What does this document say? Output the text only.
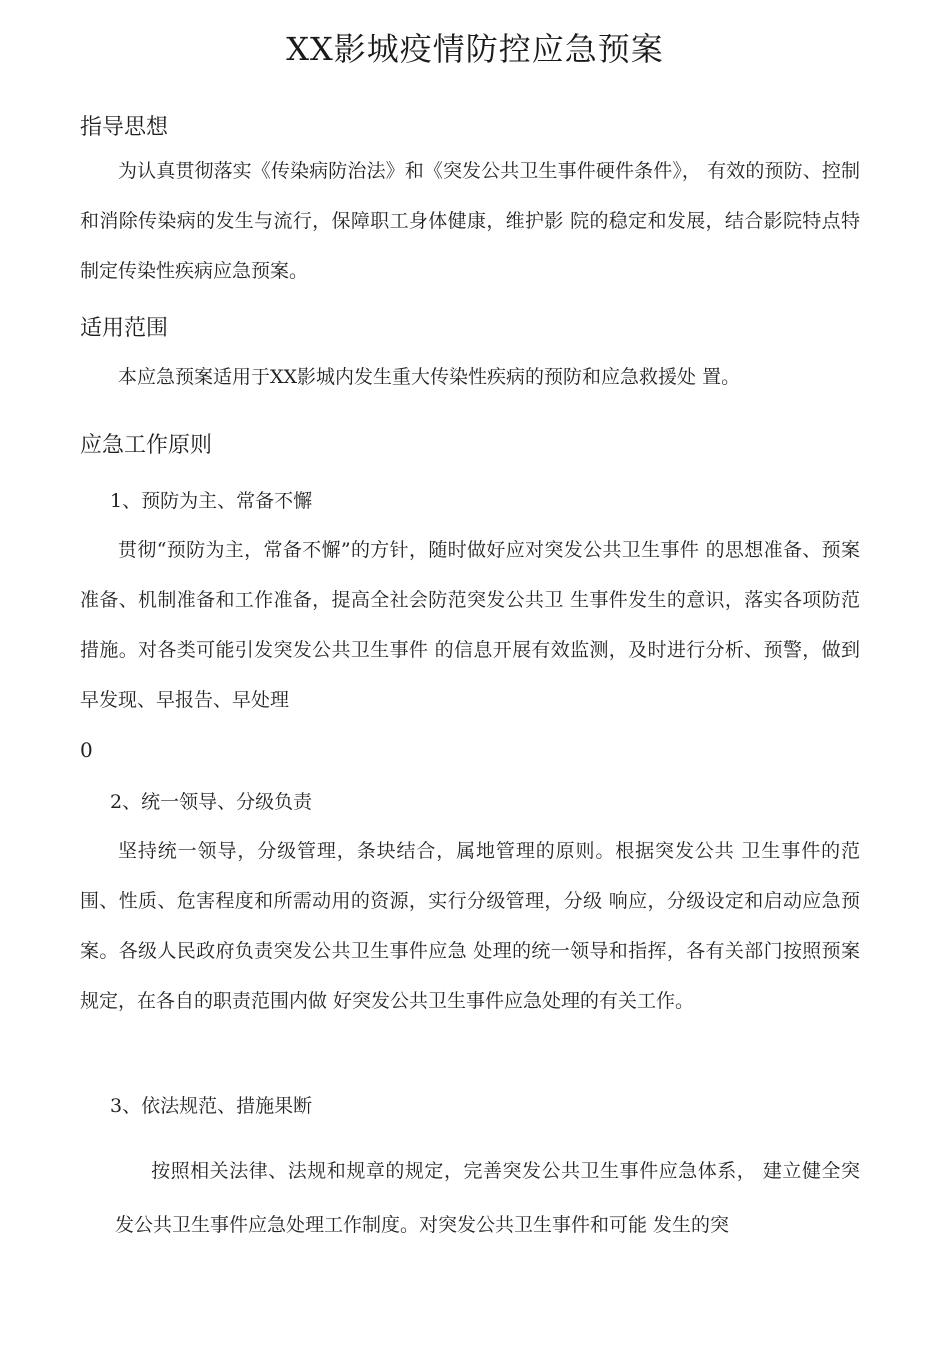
XX影城疫情防控应急预案
指导思想

为认真贯彻落实《传染病防治法》和《突发公共卫生事件硬件条件》， 有效的预防、控制和消除传染病的发生与流行，保障职工身体健康，维护影 院的稳定和发展，结合影院特点特制定传染性疾病应急预案。

适用范围

本应急预案适用于XX影城内发生重大传染性疾病的预防和应急救援处 置。

应急工作原则
1、预防为主、常备不懈

贯彻“预防为主，常备不懈”的方针，随时做好应对突发公共卫生事件 的思想准备、预案准备、机制准备和工作准备，提高全社会防范突发公共卫 生事件发生的意识，落实各项防范措施。对各类可能引发突发公共卫生事件 的信息开展有效监测，及时进行分析、预警，做到早发现、早报告、早处理

0
2、统一领导、分级负责

坚持统一领导，分级管理，条块结合，属地管理的原则。根据突发公共 卫生事件的范围、性质、危害程度和所需动用的资源，实行分级管理，分级 响应，分级设定和启动应急预案。各级人民政府负责突发公共卫生事件应急 处理的统一领导和指挥，各有关部门按照预案规定，在各自的职责范围内做 好突发公共卫生事件应急处理的有关工作。

3、依法规范、措施果断

按照相关法律、法规和规章的规定，完善突发公共卫生事件应急体系， 建立健全突发公共卫生事件应急处理工作制度。对突发公共卫生事件和可能 发生的突
